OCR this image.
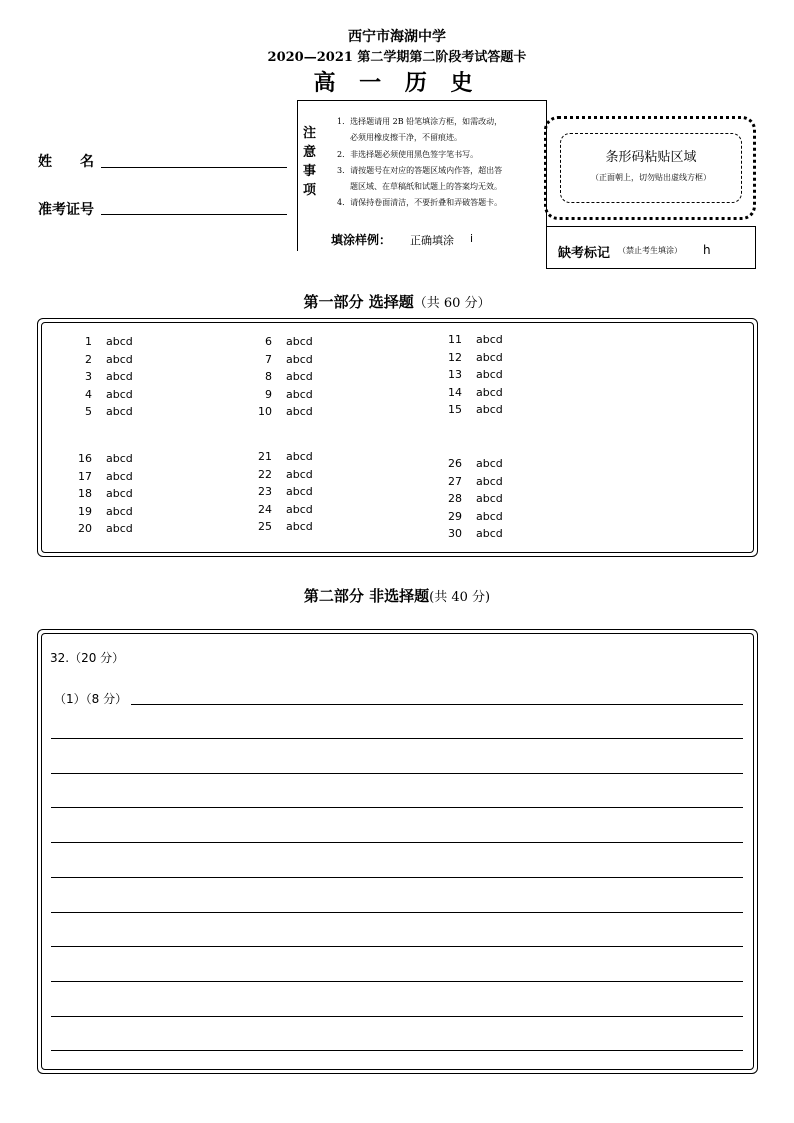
西宁市海湖中学
2020—2021 第二学期第二阶段考试答题卡
高 一 历 史
姓　　名
准考证号
注意事项
1．选择题请用 2B 铅笔填涂方框，如需改动，
必须用橡皮擦干净，不留痕迹。
2．非选择题必须使用黑色签字笔书写。
3．请按题号在对应的答题区域内作答，超出答
题区域、在草稿纸和试题上的答案均无效。
4．请保持卷面清洁，不要折叠和弄破答题卡。
填涂样例： 正确填涂 i
条形码粘贴区域
（正面朝上，切勿贴出虚线方框）
缺考标记 （禁止考生填涂） h
第一部分 选择题（共 60 分）
1 abcd
2 abcd
3 abcd
4 abcd
5 abcd
6 abcd
7 abcd
8 abcd
9 abcd
10 abcd
11 abcd
12 abcd
13 abcd
14 abcd
15 abcd
16 abcd
17 abcd
18 abcd
19 abcd
20 abcd
21 abcd
22 abcd
23 abcd
24 abcd
25 abcd
26 abcd
27 abcd
28 abcd
29 abcd
30 abcd
第二部分 非选择题(共 40 分)
32.（20 分）
（1）（8 分）
